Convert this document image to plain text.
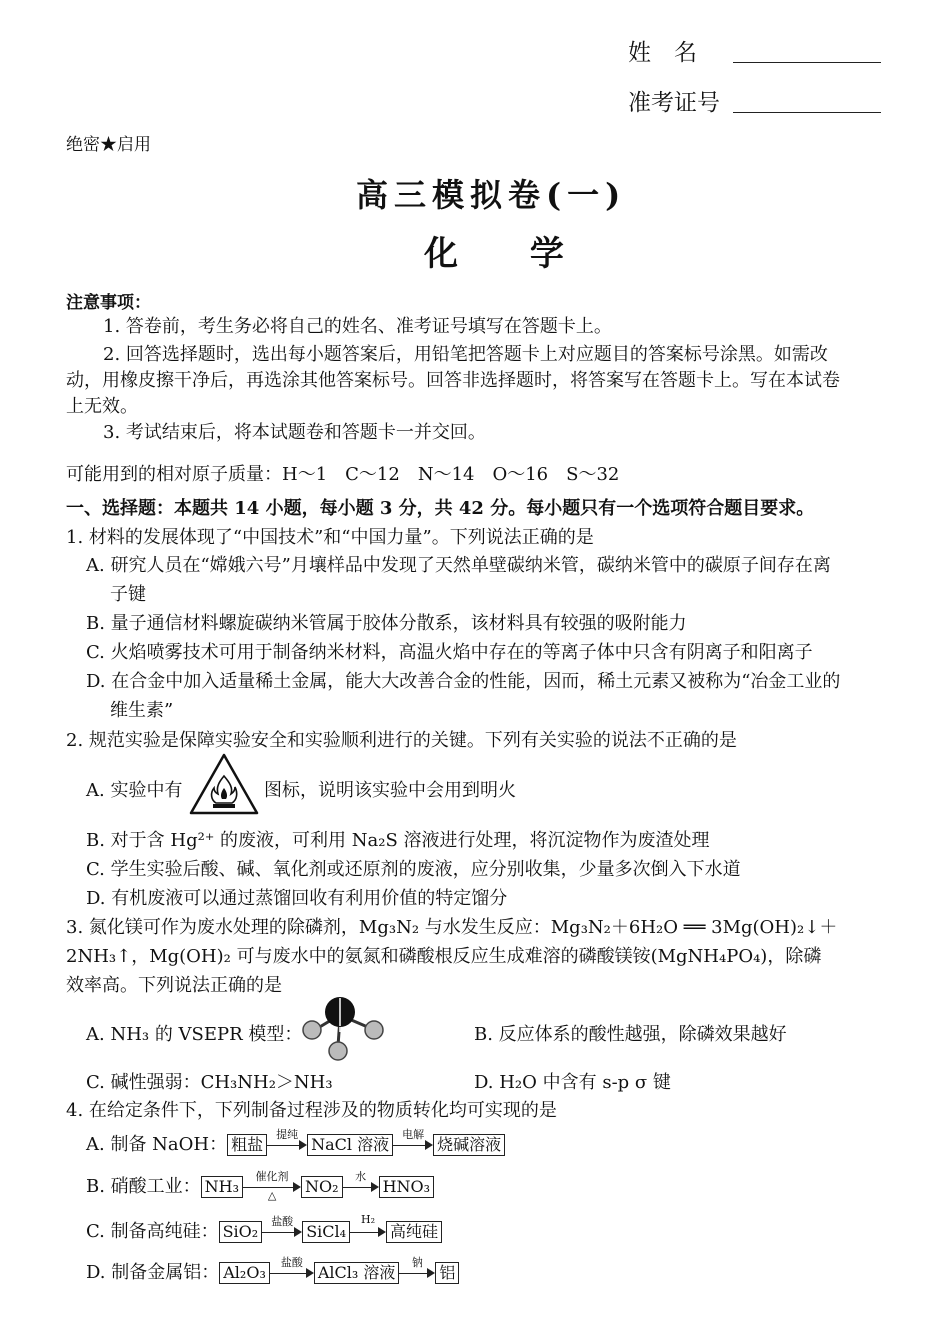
姓　名
准考证号
绝密★启用
高三模拟卷(一)
化 学
注意事项：
1. 答卷前，考生务必将自己的姓名、准考证号填写在答题卡上。
2. 回答选择题时，选出每小题答案后，用铅笔把答题卡上对应题目的答案标号涂黑。如需改
动，用橡皮擦干净后，再选涂其他答案标号。回答非选择题时，将答案写在答题卡上。写在本试卷
上无效。
3. 考试结束后，将本试题卷和答题卡一并交回。
可能用到的相对原子质量：H～1　C～12　N～14　O～16　S～32
一、选择题：本题共 14 小题，每小题 3 分，共 42 分。每小题只有一个选项符合题目要求。
1. 材料的发展体现了“中国技术”和“中国力量”。下列说法正确的是
A. 研究人员在“嫦娥六号”月壤样品中发现了天然单壁碳纳米管，碳纳米管中的碳原子间存在离
子键
B. 量子通信材料螺旋碳纳米管属于胶体分散系，该材料具有较强的吸附能力
C. 火焰喷雾技术可用于制备纳米材料，高温火焰中存在的等离子体中只含有阴离子和阳离子
D. 在合金中加入适量稀土金属，能大大改善合金的性能，因而，稀土元素又被称为“冶金工业的
维生素”
2. 规范实验是保障实验安全和实验顺利进行的关键。下列有关实验的说法不正确的是
A. 实验中有	图标，说明该实验中会用到明火
B. 对于含 Hg²⁺ 的废液，可利用 Na₂S 溶液进行处理，将沉淀物作为废渣处理
C. 学生实验后酸、碱、氧化剂或还原剂的废液，应分别收集，少量多次倒入下水道
D. 有机废液可以通过蒸馏回收有利用价值的特定馏分
3. 氮化镁可作为废水处理的除磷剂，Mg₃N₂ 与水发生反应：Mg₃N₂＋6H₂O ══ 3Mg(OH)₂↓＋
2NH₃↑，Mg(OH)₂ 可与废水中的氨氮和磷酸根反应生成难溶的磷酸镁铵(MgNH₄PO₄)，除磷
效率高。下列说法正确的是
A. NH₃ 的 VSEPR 模型：	B. 反应体系的酸性越强，除磷效果越好
C. 碱性强弱：CH₃NH₂＞NH₃	D. H₂O 中含有 s-p σ 键
4. 在给定条件下，下列制备过程涉及的物质转化均可实现的是
A. 制备 NaOH： 粗盐
提纯
NaCl 溶液
电解
烧碱溶液
B. 硝酸工业： NH₃
催化剂
△	NO₂
水
HNO₃
C. 制备高纯硅： SiO₂
盐酸
SiCl₄
H₂
高纯硅
D. 制备金属铝： Al₂O₃
盐酸
AlCl₃ 溶液
钠
铝
